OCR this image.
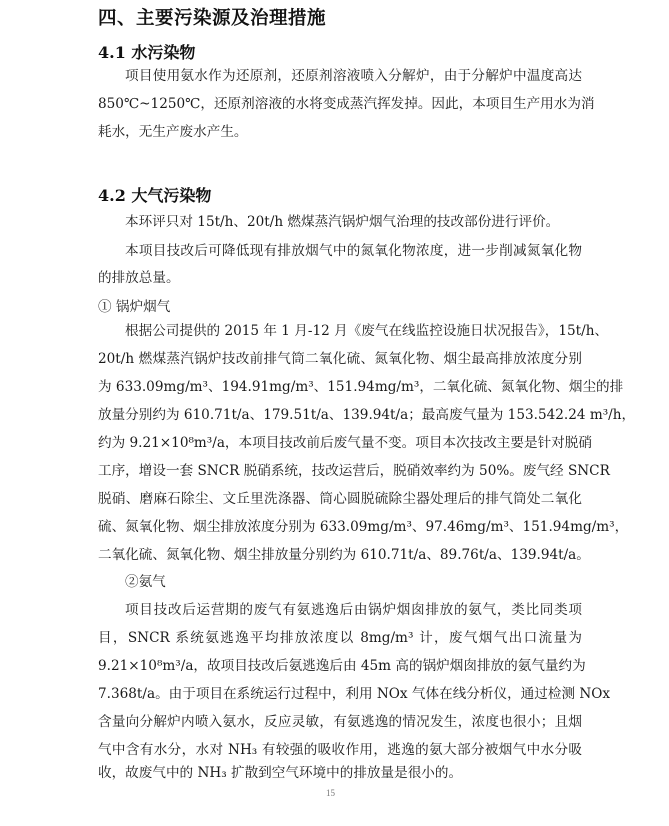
四、主要污染源及治理措施
4.1 水污染物
项目使用氨水作为还原剂，还原剂溶液喷入分解炉，由于分解炉中温度高达
850℃~1250℃，还原剂溶液的水将变成蒸汽挥发掉。因此，本项目生产用水为消
耗水，无生产废水产生。
4.2 大气污染物
本环评只对 15t/h、20t/h 燃煤蒸汽锅炉烟气治理的技改部份进行评价。
本项目技改后可降低现有排放烟气中的氮氧化物浓度，进一步削减氮氧化物
的排放总量。
① 锅炉烟气
根据公司提供的 2015 年 1 月-12 月《废气在线监控设施日状况报告》，15t/h、
20t/h 燃煤蒸汽锅炉技改前排气筒二氧化硫、氮氧化物、烟尘最高排放浓度分别
为 633.09mg/m³、194.91mg/m³、151.94mg/m³，二氧化硫、氮氧化物、烟尘的排
放量分别约为 610.71t/a、179.51t/a、139.94t/a；最高废气量为 153.542.24 m³/h，
约为 9.21×10⁸m³/a，本项目技改前后废气量不变。项目本次技改主要是针对脱硝
工序，增设一套 SNCR 脱硝系统，技改运营后，脱硝效率约为 50%。废气经 SNCR
脱硝、磨麻石除尘、文丘里洗涤器、筒心圆脱硫除尘器处理后的排气筒处二氧化
硫、氮氧化物、烟尘排放浓度分别为 633.09mg/m³、97.46mg/m³、151.94mg/m³，
二氧化硫、氮氧化物、烟尘排放量分别约为 610.71t/a、89.76t/a、139.94t/a。
②氨气
项目技改后运营期的废气有氨逃逸后由锅炉烟囱排放的氨气，类比同类项
目，SNCR 系统氨逃逸平均排放浓度以 8mg/m³ 计，废气烟气出口流量为
9.21×10⁸m³/a，故项目技改后氨逃逸后由 45m 高的锅炉烟囱排放的氨气量约为
7.368t/a。由于项目在系统运行过程中，利用 NOx 气体在线分析仪，通过检测 NOx
含量向分解炉内喷入氨水，反应灵敏，有氨逃逸的情况发生，浓度也很小；且烟
气中含有水分，水对 NH₃ 有较强的吸收作用，逃逸的氨大部分被烟气中水分吸
收，故废气中的 NH₃ 扩散到空气环境中的排放量是很小的。
15
